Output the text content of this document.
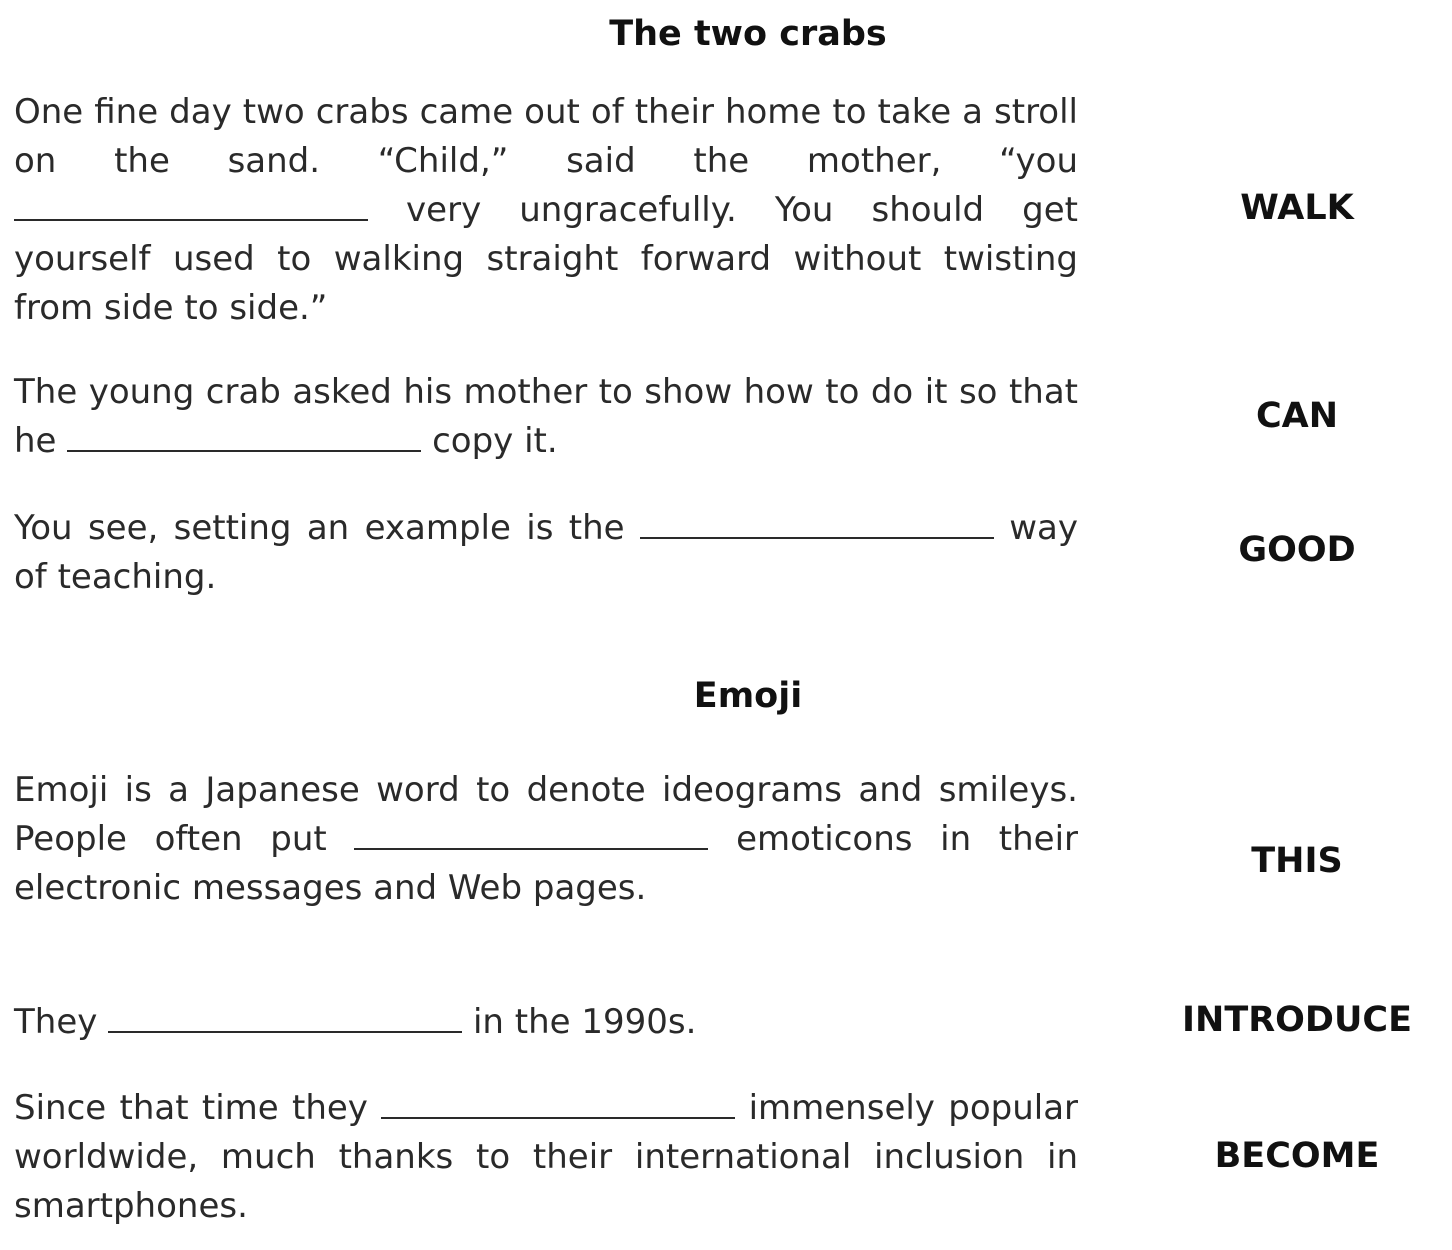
The two crabs
One fine day two crabs came out of their home to take a stroll on the sand. “Child,” said the mother, “you  very ungracefully. You should get yourself used to walking straight forward without twisting from side to side.”
WALK
The young crab asked his mother to show how to do it so that he	copy it.
CAN
You see, setting an example is the	way of teaching.
GOOD
Emoji
Emoji is a Japanese word to denote ideograms and smileys. People often put	emoticons in their electronic messages and Web pages.
THIS
They	in the 1990s.	INTRODUCE
Since that time they	immensely popular worldwide, much thanks to their international inclusion in smartphones.
BECOME
